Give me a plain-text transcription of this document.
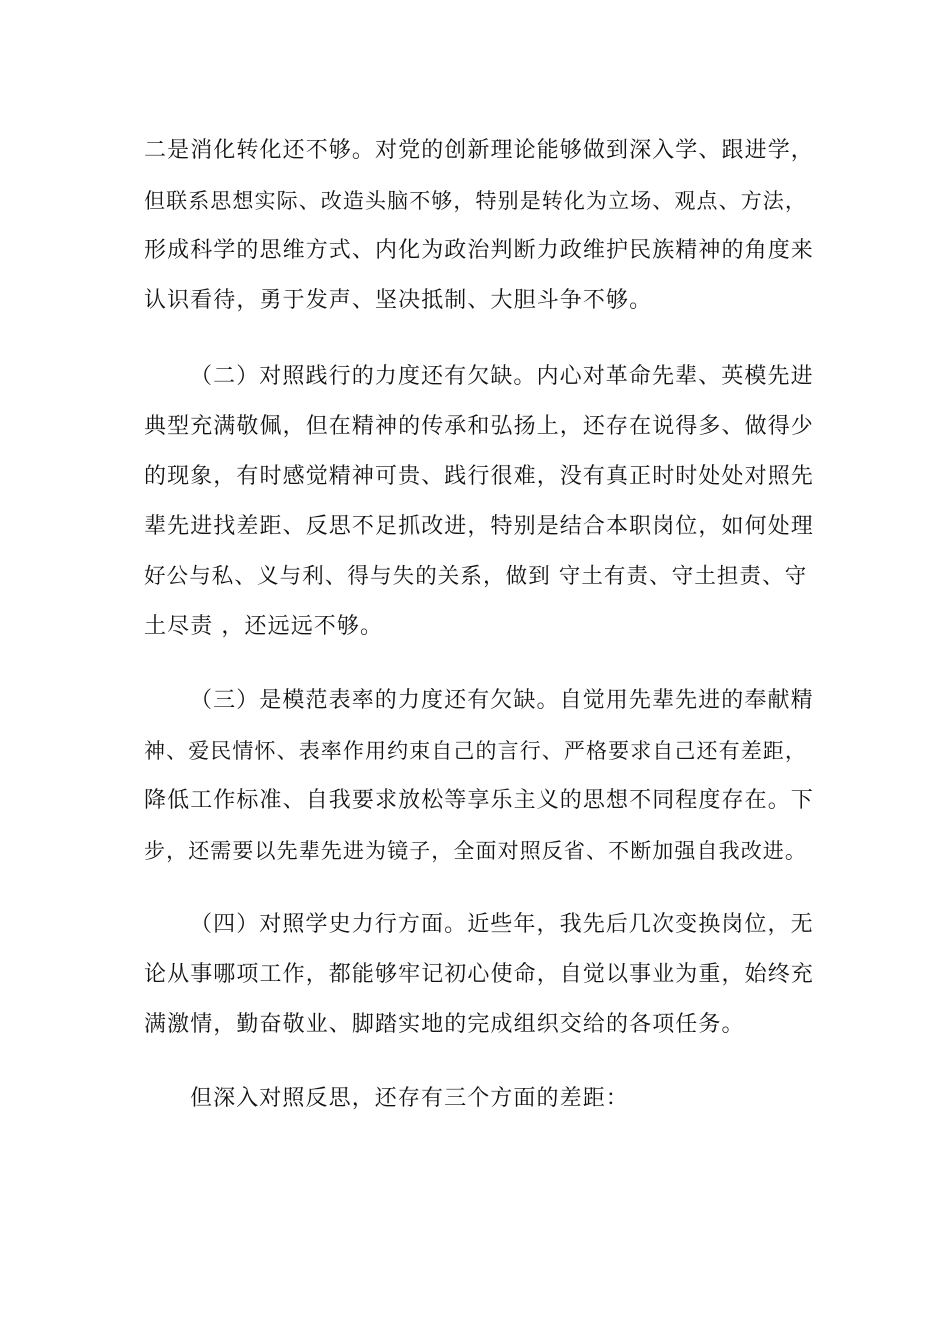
二是消化转化还不够。对党的创新理论能够做到深入学、跟进学，
但联系思想实际、改造头脑不够，特别是转化为立场、观点、方法，
形成科学的思维方式、内化为政治判断力政维护民族精神的角度来
认识看待，勇于发声、坚决抵制、大胆斗争不够。
（二）对照践行的力度还有欠缺。内心对革命先辈、英模先进
典型充满敬佩，但在精神的传承和弘扬上，还存在说得多、做得少
的现象，有时感觉精神可贵、践行很难，没有真正时时处处对照先
辈先进找差距、反思不足抓改进，特别是结合本职岗位，如何处理
好公与私、义与利、得与失的关系，做到 守土有责、守土担责、守
土尽责 ，还远远不够。
（三）是模范表率的力度还有欠缺。自觉用先辈先进的奉献精
神、爱民情怀、表率作用约束自己的言行、严格要求自己还有差距，
降低工作标准、自我要求放松等享乐主义的思想不同程度存在。下
步，还需要以先辈先进为镜子，全面对照反省、不断加强自我改进。
（四）对照学史力行方面。近些年，我先后几次变换岗位，无
论从事哪项工作，都能够牢记初心使命，自觉以事业为重，始终充
满激情，勤奋敬业、脚踏实地的完成组织交给的各项任务。
但深入对照反思，还存有三个方面的差距：
